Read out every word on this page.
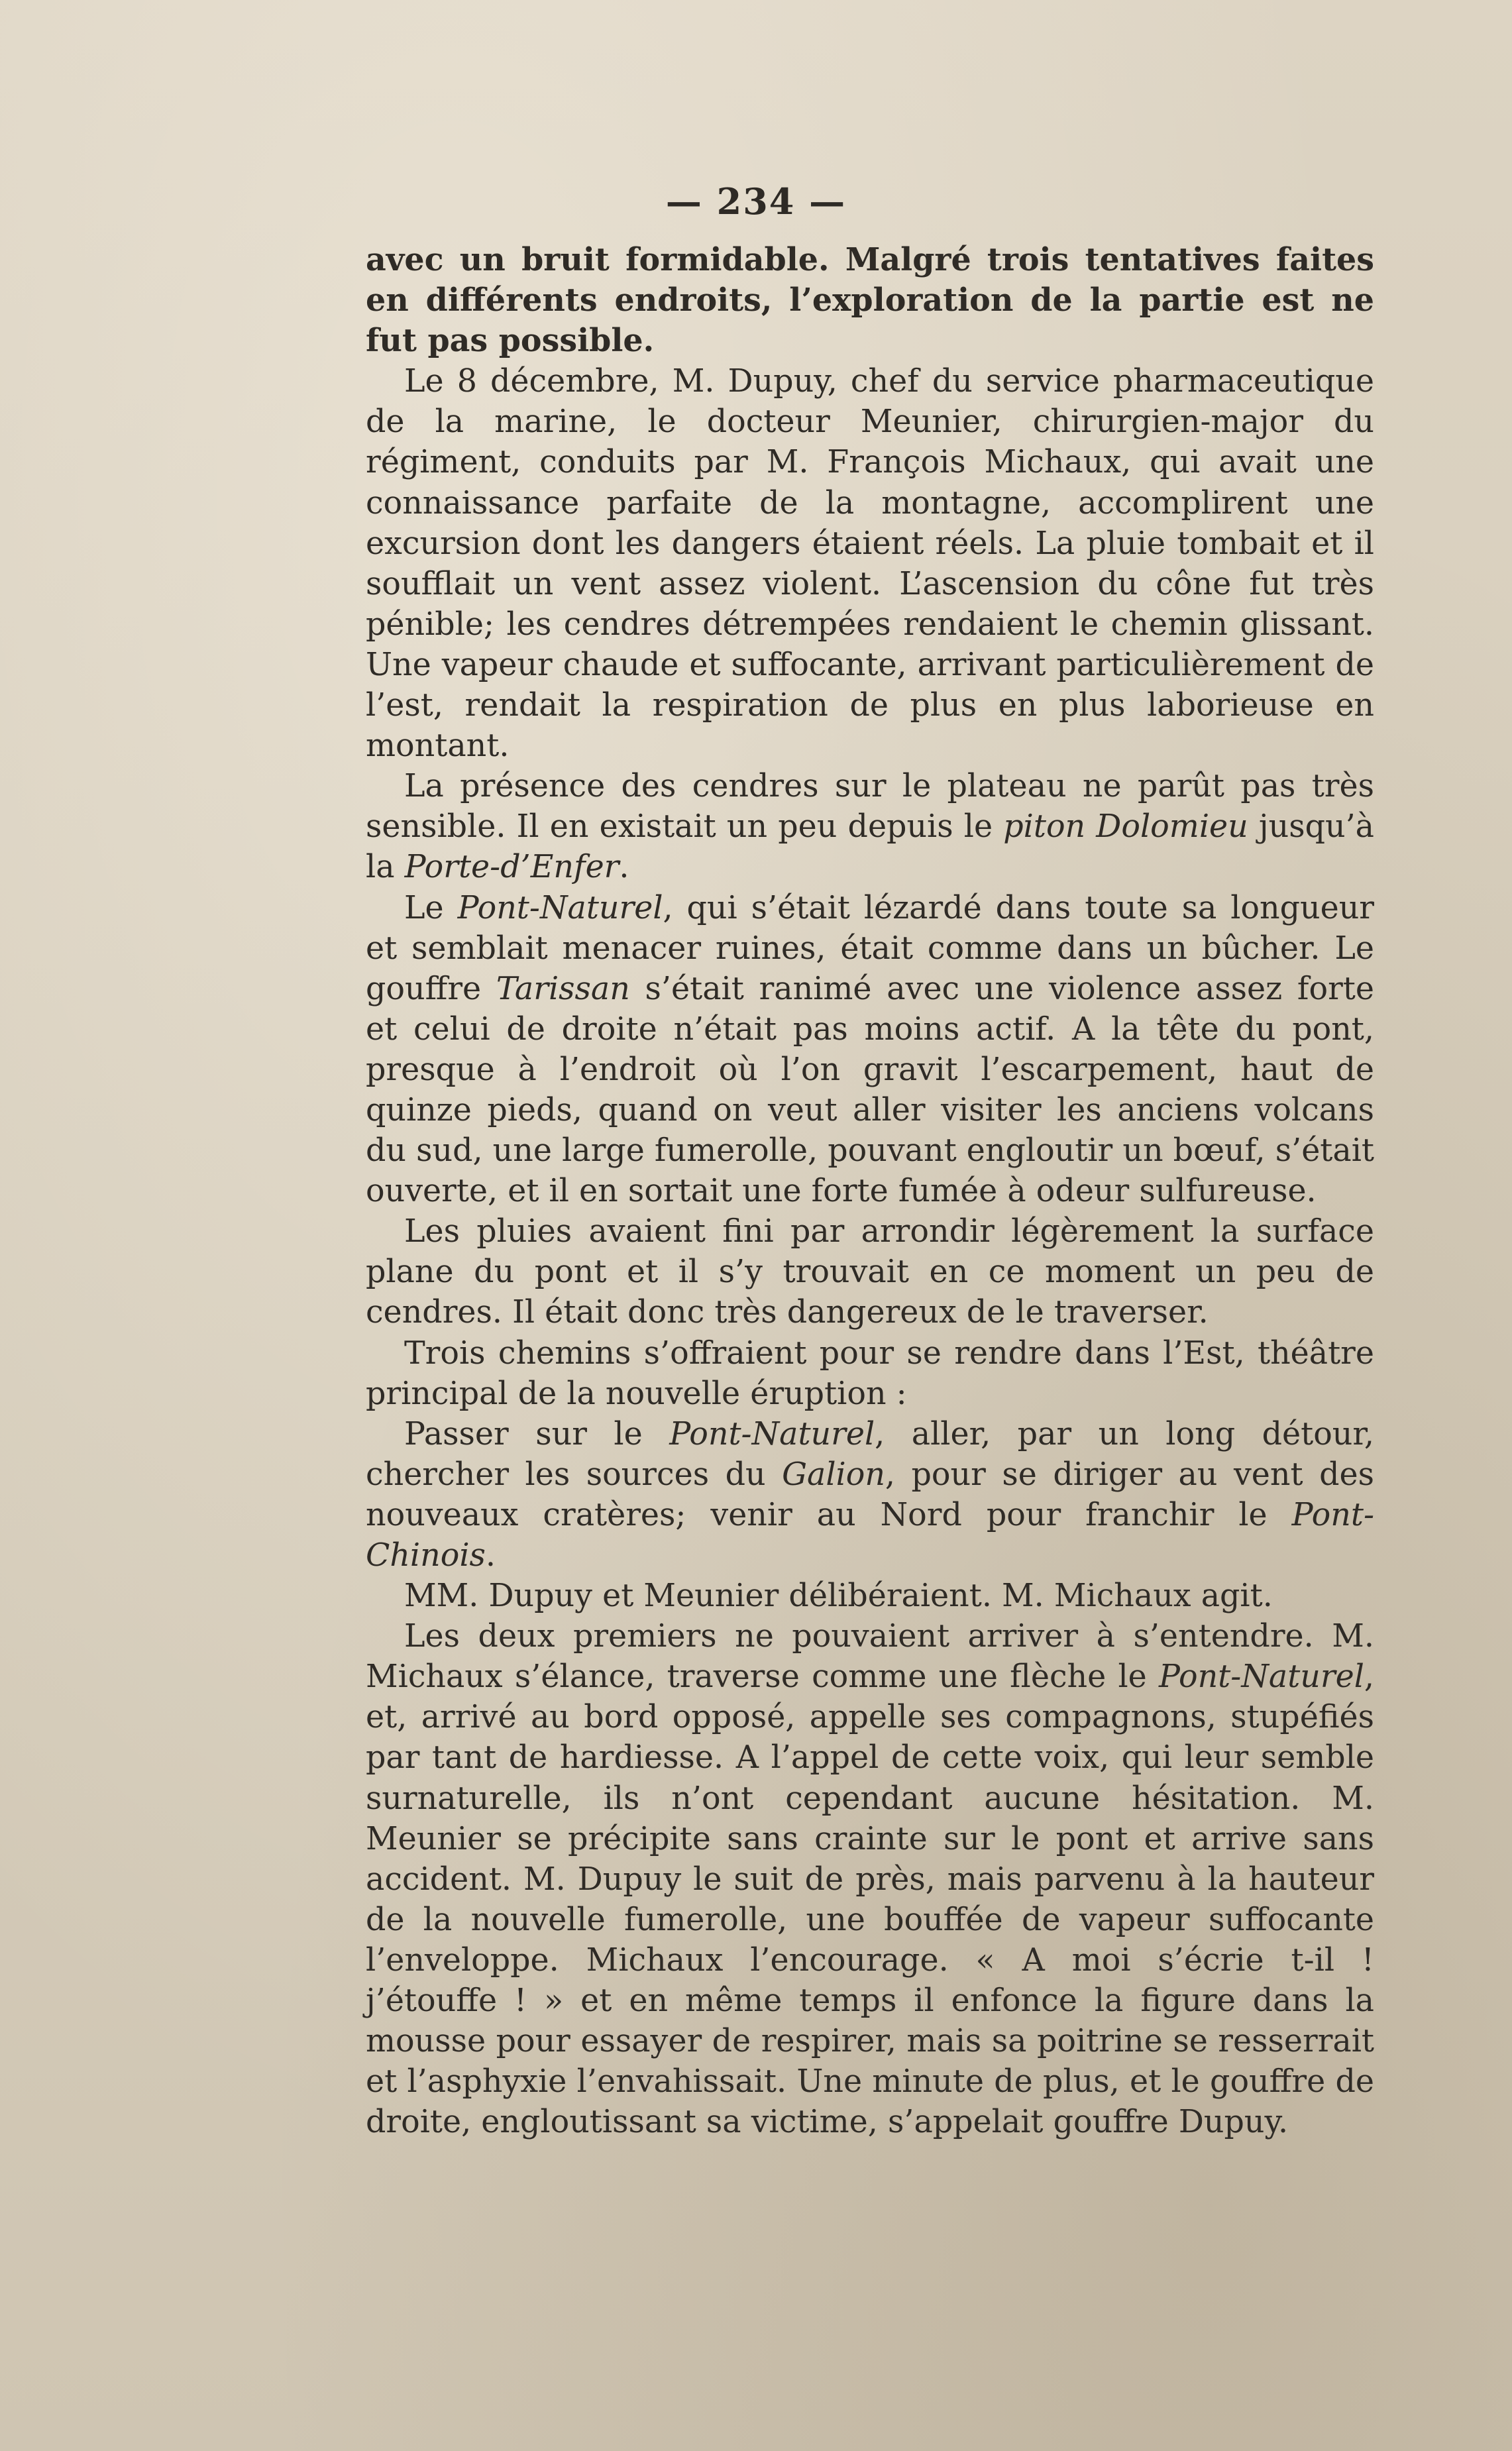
— 234 —

avec un bruit formidable. Malgré trois tentatives faites en différents endroits, l’exploration de la partie est ne fut pas possible.

Le 8 décembre, M. Dupuy, chef du service pharmaceutique de la marine, le docteur Meunier, chirurgien-major du régiment, conduits par M. François Michaux, qui avait une connaissance parfaite de la montagne, accomplirent une excursion dont les dangers étaient réels. La pluie tombait et il soufflait un vent assez violent. L’ascension du cône fut très pénible; les cendres détrempées rendaient le chemin glissant. Une vapeur chaude et suffocante, arrivant particulièrement de l’est, rendait la respiration de plus en plus laborieuse en montant.

La présence des cendres sur le plateau ne parût pas très sensible. Il en existait un peu depuis le piton Dolomieu jusqu’à la Porte-d’Enfer.

Le Pont-Naturel, qui s’était lézardé dans toute sa longueur et semblait menacer ruines, était comme dans un bûcher. Le gouffre Tarissan s’était ranimé avec une violence assez forte et celui de droite n’était pas moins actif. A la tête du pont, presque à l’endroit où l’on gravit l’escarpement, haut de quinze pieds, quand on veut aller visiter les anciens volcans du sud, une large fumerolle, pouvant engloutir un bœuf, s’était ouverte, et il en sortait une forte fumée à odeur sulfureuse.

Les pluies avaient fini par arrondir légèrement la surface plane du pont et il s’y trouvait en ce moment un peu de cendres. Il était donc très dangereux de le traverser.

Trois chemins s’offraient pour se rendre dans l’Est, théâtre principal de la nouvelle éruption :

Passer sur le Pont-Naturel, aller, par un long détour, chercher les sources du Galion, pour se diriger au vent des nouveaux cratères; venir au Nord pour franchir le Pont-Chinois.

MM. Dupuy et Meunier délibéraient. M. Michaux agit.

Les deux premiers ne pouvaient arriver à s’entendre. M. Michaux s’élance, traverse comme une flèche le Pont-Naturel, et, arrivé au bord opposé, appelle ses compagnons, stupéfiés par tant de hardiesse. A l’appel de cette voix, qui leur semble surnaturelle, ils n’ont cependant aucune hésitation. M. Meunier se précipite sans crainte sur le pont et arrive sans accident. M. Dupuy le suit de près, mais parvenu à la hauteur de la nouvelle fumerolle, une bouffée de vapeur suffocante l’enveloppe. Michaux l’encourage. « A moi s’écrie t-il ! j’étouffe ! » et en même temps il enfonce la figure dans la mousse pour essayer de respirer, mais sa poitrine se resserrait et l’asphyxie l’envahissait. Une minute de plus, et le gouffre de droite, engloutissant sa victime, s’appelait gouffre Dupuy.
